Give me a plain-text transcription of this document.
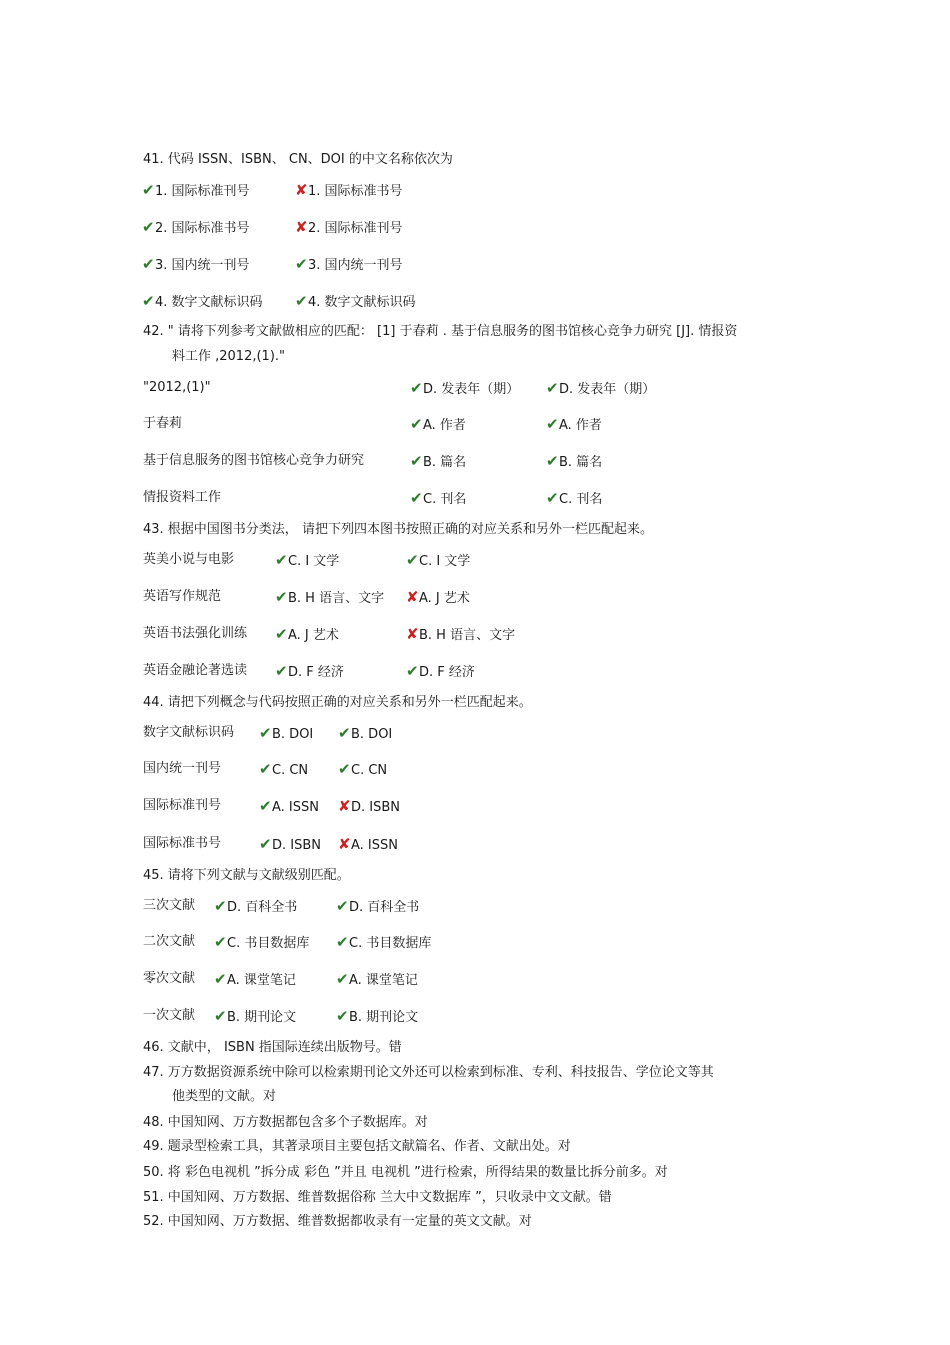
41. 代码 ISSN、ISBN、 CN、DOI 的中文名称依次为
✔1. 国际标准刊号	✘1. 国际标准书号
✔2. 国际标准书号	✘2. 国际标准刊号
✔3. 国内统一刊号	✔3. 国内统一刊号
✔4. 数字文献标识码 ✔4. 数字文献标识码
42. " 请将下列参考文献做相应的匹配： [1] 于春莉 . 基于信息服务的图书馆核心竞争力研究 [J]. 情报资
料工作 ,2012,(1)."
"2012,(1)"	✔D. 发表年（期） ✔D. 发表年（期）
于春莉	✔A. 作者	✔A. 作者
基于信息服务的图书馆核心竞争力研究	✔B. 篇名	✔B. 篇名
情报资料工作	✔C. 刊名	✔C. 刊名
43. 根据中国图书分类法， 请把下列四本图书按照正确的对应关系和另外一栏匹配起来。
英美小说与电影	✔C. I 文学	✔C. I 文学
英语写作规范	✔B. H 语言、文字 ✘A. J 艺术
英语书法强化训练 ✔A. J 艺术	✘B. H 语言、文字
英语金融论著选读 ✔D. F 经济	✔D. F 经济
44. 请把下列概念与代码按照正确的对应关系和另外一栏匹配起来。
数字文献标识码 ✔B. DOI ✔B. DOI
国内统一刊号	✔C. CN ✔C. CN
国际标准刊号	✔A. ISSN ✘D. ISBN
国际标准书号	✔D. ISBN ✘A. ISSN
45. 请将下列文献与文献级别匹配。
三次文献 ✔D. 百科全书	✔D. 百科全书
二次文献 ✔C. 书目数据库 ✔C. 书目数据库
零次文献 ✔A. 课堂笔记	✔A. 课堂笔记
一次文献 ✔B. 期刊论文	✔B. 期刊论文
46. 文献中， ISBN 指国际连续出版物号。错
47. 万方数据资源系统中除可以检索期刊论文外还可以检索到标准、专利、科技报告、学位论文等其
他类型的文献。对
48. 中国知网、万方数据都包含多个子数据库。对
49. 题录型检索工具，其著录项目主要包括文献篇名、作者、文献出处。对
50. 将 彩色电视机 ”拆分成 彩色 ”并且 电视机 ”进行检索，所得结果的数量比拆分前多。对
51. 中国知网、万方数据、维普数据俗称 兰大中文数据库 ”，只收录中文文献。错
52. 中国知网、万方数据、维普数据都收录有一定量的英文文献。对
